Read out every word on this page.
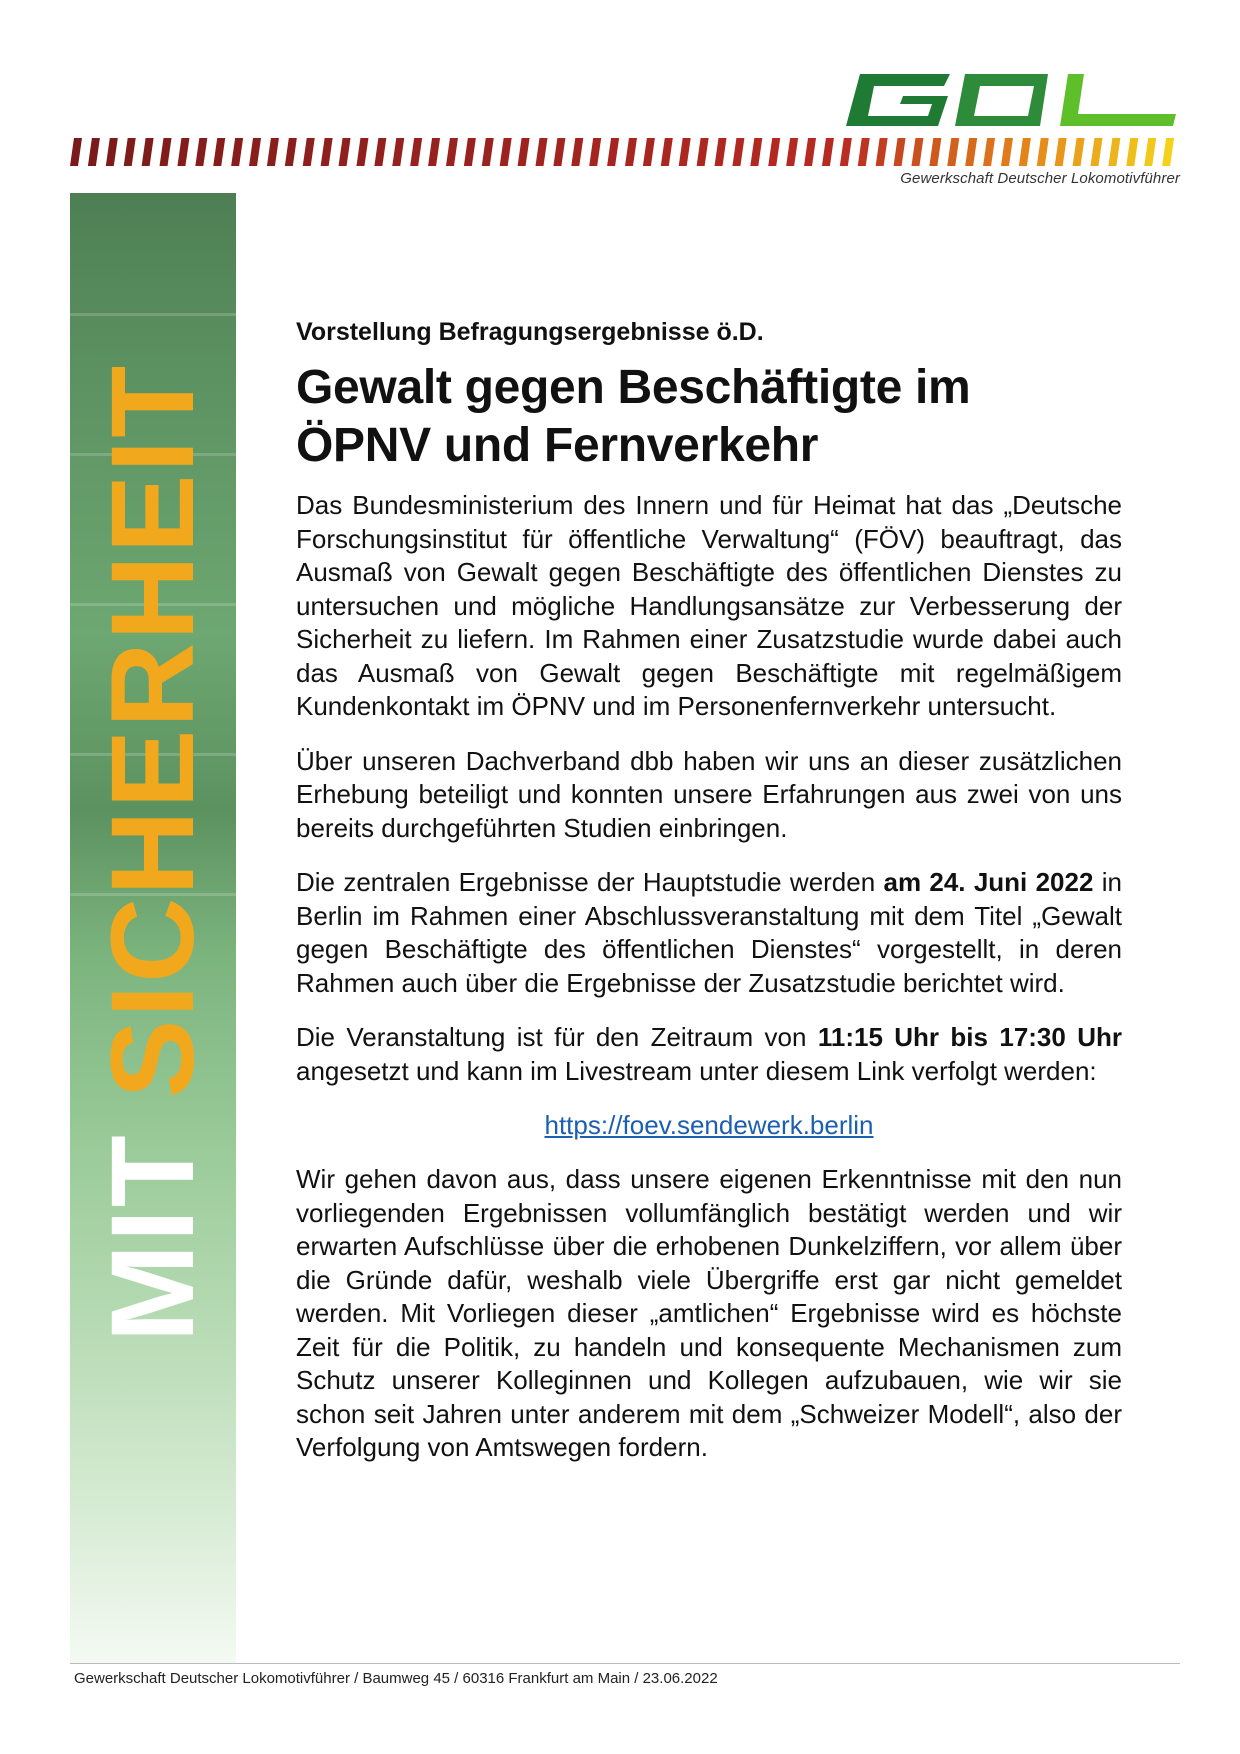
Gewerkschaft Deutscher Lokomotivführer
MIT SICHERHEIT
Vorstellung Befragungsergebnisse ö.D.
Gewalt gegen Beschäftigte im
ÖPNV und Fernverkehr

Das Bundesministerium des Innern und für Heimat hat das „Deutsche Forschungsinstitut für öffentliche Verwaltung“ (FÖV) beauftragt, das Ausmaß von Gewalt gegen Beschäftigte des öffentlichen Dienstes zu untersuchen und mögliche Handlungsansätze zur Verbesserung der Sicherheit zu liefern. Im Rahmen einer Zusatzstudie wurde dabei auch das Ausmaß von Gewalt gegen Beschäftigte mit regelmäßigem Kundenkontakt im ÖPNV und im Personenfernverkehr untersucht.

Über unseren Dachverband dbb haben wir uns an dieser zusätzlichen Erhebung beteiligt und konnten unsere Erfahrungen aus zwei von uns bereits durchgeführten Studien einbringen.

Die zentralen Ergebnisse der Hauptstudie werden am 24. Juni 2022 in Berlin im Rahmen einer Abschlussveranstaltung mit dem Titel „Gewalt gegen Beschäftigte des öffentlichen Dienstes“ vorgestellt, in deren Rahmen auch über die Ergebnisse der Zusatzstudie berichtet wird.

Die Veranstaltung ist für den Zeitraum von 11:15 Uhr bis 17:30 Uhr angesetzt und kann im Livestream unter diesem Link verfolgt werden:

https://foev.sendewerk.berlin

Wir gehen davon aus, dass unsere eigenen Erkenntnisse mit den nun vorliegenden Ergebnissen vollumfänglich bestätigt werden und wir erwarten Aufschlüsse über die erhobenen Dunkelziffern, vor allem über die Gründe dafür, weshalb viele Übergriffe erst gar nicht gemeldet werden. Mit Vorliegen dieser „amtlichen“ Ergebnisse wird es höchste Zeit für die Politik, zu handeln und konsequente Mechanismen zum Schutz unserer Kolleginnen und Kollegen aufzubauen, wie wir sie schon seit Jahren unter anderem mit dem „Schweizer Modell“, also der Verfolgung von Amtswegen fordern.

Gewerkschaft Deutscher Lokomotivführer / Baumweg 45 / 60316 Frankfurt am Main / 23.06.2022
